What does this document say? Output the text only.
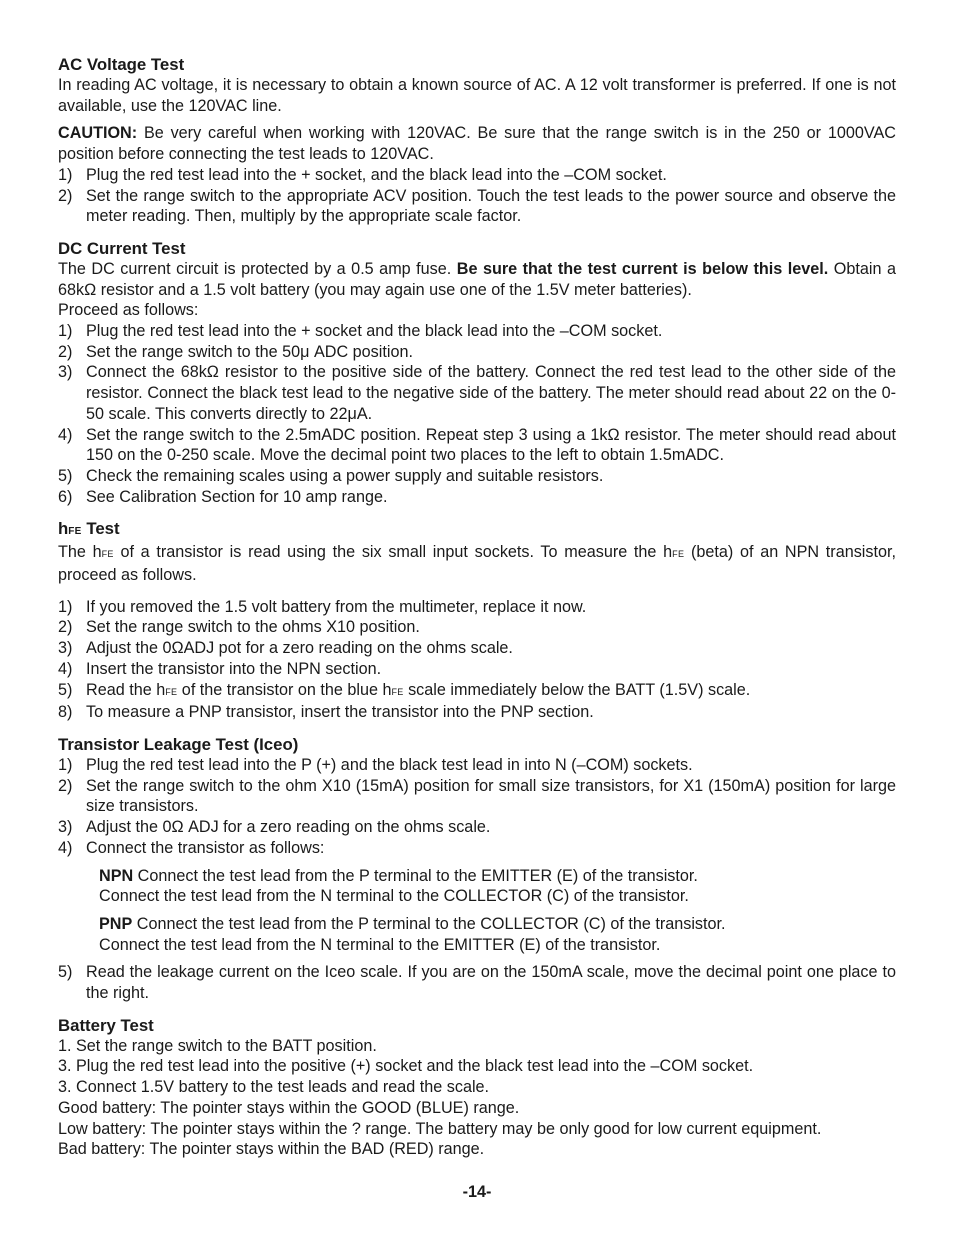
AC Voltage Test

In reading AC voltage, it is necessary to obtain a known source of AC. A 12 volt transformer is preferred. If one is not available, use the 120VAC line.

CAUTION: Be very careful when working with 120VAC. Be sure that the range switch is in the 250 or 1000VAC position before connecting the test leads to 120VAC.

1) Plug the red test lead into the + socket, and the black lead into the –COM socket.
2) Set the range switch to the appropriate ACV position. Touch the test leads to the power source and observe the meter reading. Then, multiply by the appropriate scale factor.
DC Current Test

The DC current circuit is protected by a 0.5 amp fuse. Be sure that the test current is below this level. Obtain a 68kΩ resistor and a 1.5 volt battery (you may again use one of the 1.5V meter batteries).

Proceed as follows:

1) Plug the red test lead into the + socket and the black lead into the –COM socket.
2) Set the range switch to the 50μ ADC position.
3) Connect the 68kΩ resistor to the positive side of the battery. Connect the red test lead to the other side of the resistor. Connect the black test lead to the negative side of the battery. The meter should read about 22 on the 0-50 scale. This converts directly to 22μA.
4) Set the range switch to the 2.5mADC position. Repeat step 3 using a 1kΩ resistor. The meter should read about 150 on the 0-250 scale. Move the decimal point two places to the left to obtain 1.5mADC.
5) Check the remaining scales using a power supply and suitable resistors.
6) See Calibration Section for 10 amp range.
hFE Test

The hFE of a transistor is read using the six small input sockets. To measure the hFE (beta) of an NPN transistor, proceed as follows.

1) If you removed the 1.5 volt battery from the multimeter, replace it now.
2) Set the range switch to the ohms X10 position.
3) Adjust the 0ΩADJ pot for a zero reading on the ohms scale.
4) Insert the transistor into the NPN section.
5) Read the hFE of the transistor on the blue hFE scale immediately below the BATT (1.5V) scale.
8) To measure a PNP transistor, insert the transistor into the PNP section.
Transistor Leakage Test (Iceo)
1) Plug the red test lead into the P (+) and the black test lead in into N (–COM) sockets.
2) Set the range switch to the ohm X10 (15mA) position for small size transistors, for X1 (150mA) position for large size transistors.
3) Adjust the 0Ω ADJ for a zero reading on the ohms scale.
4) Connect the transistor as follows:
NPN Connect the test lead from the P terminal to the EMITTER (E) of the transistor.
Connect the test lead from the N terminal to the COLLECTOR (C) of the transistor.
PNP Connect the test lead from the P terminal to the COLLECTOR (C) of the transistor.
Connect the test lead from the N terminal to the EMITTER (E) of the transistor.
5) Read the leakage current on the Iceo scale. If you are on the 150mA scale, move the decimal point one place to the right.
Battery Test

1. Set the range switch to the BATT position.

3. Plug the red test lead into the positive (+) socket and the black test lead into the –COM socket.

3. Connect 1.5V battery to the test leads and read the scale.

Good battery: The pointer stays within the GOOD (BLUE) range.

Low battery: The pointer stays within the ? range. The battery may be only good for low current equipment.

Bad battery: The pointer stays within the BAD (RED) range.

-14-
